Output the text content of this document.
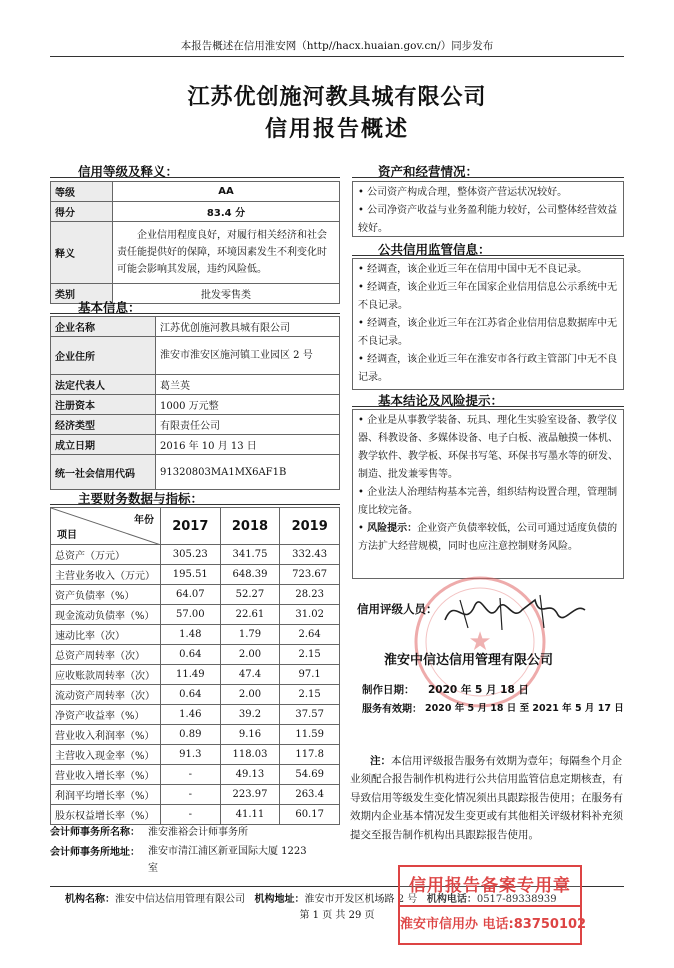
本报告概述在信用淮安网（http//hacx.huaian.gov.cn/）同步发布
江苏优创施河教具城有限公司
信用报告概述
信用等级及释义：
等级	AA
得分	83.4 分
释义	企业信用程度良好，对履行相关经济和社会责任能提供好的保障，环境因素发生不利变化时可能会影响其发展，违约风险低。
类别	批发零售类
基本信息：
企业名称	江苏优创施河教具城有限公司
企业住所	淮安市淮安区施河镇工业园区 2 号
法定代表人	葛兰英
注册资本	1000 万元整
经济类型	有限责任公司
成立日期	2016 年 10 月 13 日
统一社会信用代码	91320803MA1MX6AF1B
主要财务数据与指标：
年份
项目	2017	2018	2019
总资产（万元）	305.23	341.75	332.43
主营业务收入（万元）	195.51	648.39	723.67
资产负债率（%）	64.07	52.27	28.23
现金流动负债率（%）	57.00	22.61	31.02
速动比率（次）	1.48	1.79	2.64
总资产周转率（次）	0.64	2.00	2.15
应收账款周转率（次）	11.49	47.4	97.1
流动资产周转率（次）	0.64	2.00	2.15
净资产收益率（%）	1.46	39.2	37.57
营业收入利润率（%）	0.89	9.16	11.59
主营收入现金率（%）	91.3	118.03	117.8
营业收入增长率（%）	-	49.13	54.69
利润平均增长率（%）	-	223.97	263.4
股东权益增长率（%）	-	41.11	60.17
会计师事务所名称： 淮安淮裕会计师事务所
会计师事务所地址： 淮安市清江浦区新亚国际大厦 1223 室
资产和经营情况：

• 公司资产构成合理，整体资产营运状况较好。

• 公司净资产收益与业务盈利能力较好，公司整体经营效益较好。

公共信用监管信息：

• 经调查，该企业近三年在信用中国中无不良记录。

• 经调查，该企业近三年在国家企业信用信息公示系统中无不良记录。

• 经调查，该企业近三年在江苏省企业信用信息数据库中无不良记录。

• 经调查，该企业近三年在淮安市各行政主管部门中无不良记录。

基本结论及风险提示：

• 企业是从事教学装备、玩具、理化生实验室设备、教学仪器、科教设备、多媒体设备、电子白板、液晶触摸一体机、教学软件、教学板、环保书写笔、环保书写墨水等的研发、制造、批发兼零售等。

• 企业法人治理结构基本完善，组织结构设置合理，管理制度比较完备。

• 风险提示：企业资产负债率较低，公司可通过适度负债的方法扩大经营规模，同时也应注意控制财务风险。

★
信用评级人员：
淮安中信达信用管理有限公司
制作日期： 2020 年 5 月 18 日
服务有效期： 2020 年 5 月 18 日 至 2021 年 5 月 17 日
注：本信用评级报告服务有效期为壹年；每隔叁个月企业须配合报告制作机构进行公共信用监管信息定期核查，有导致信用等级发生变化情况须出具跟踪报告使用；在服务有效期内企业基本情况发生变更或有其他相关评级材料补充须提交至报告制作机构出具跟踪报告使用。
机构名称：淮安中信达信用管理有限公司 机构地址：淮安市开发区机场路 2 号 机构电话：0517-89338939
第 1 页 共 29 页
信用报告备案专用章
淮安市信用办 电话:83750102
